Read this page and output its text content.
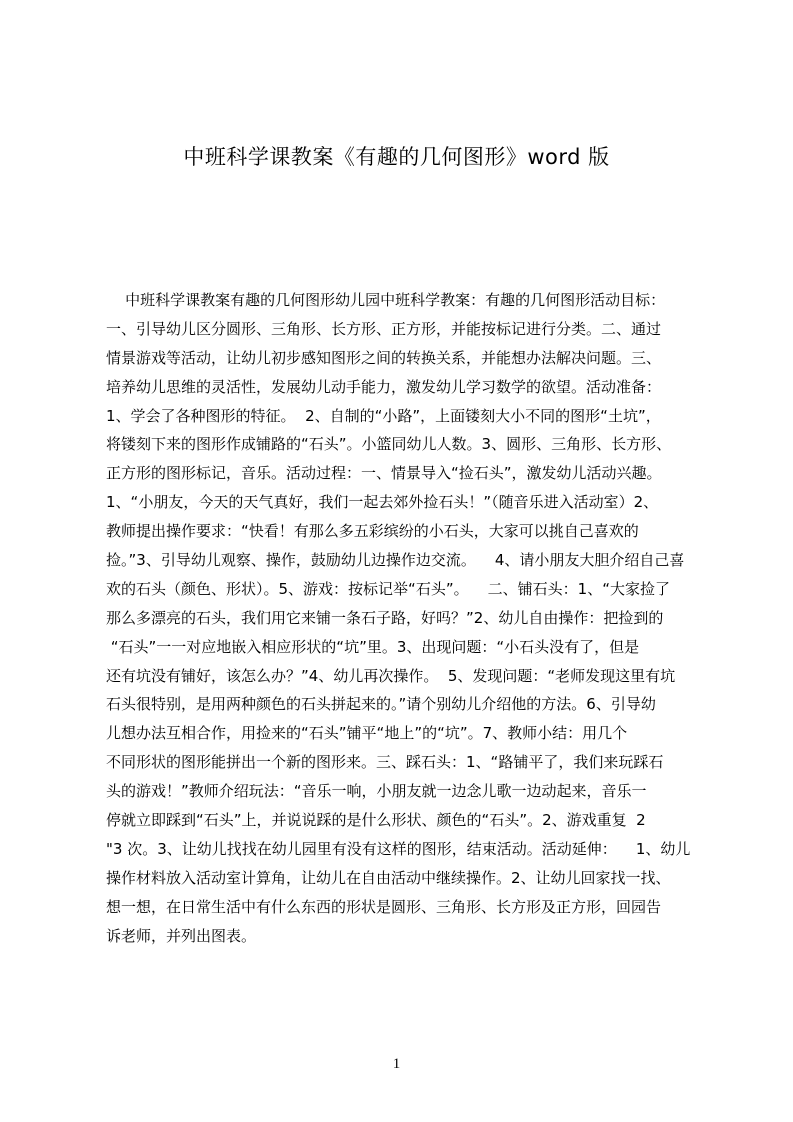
中班科学课教案《有趣的几何图形》word 版
中班科学课教案有趣的几何图形幼儿园中班科学教案：有趣的几何图形活动目标：
一、引导幼儿区分圆形、三角形、长方形、正方形，并能按标记进行分类。二、通过
情景游戏等活动，让幼儿初步感知图形之间的转换关系，并能想办法解决问题。三、
培养幼儿思维的灵活性，发展幼儿动手能力，激发幼儿学习数学的欲望。活动准备：
1、学会了各种图形的特征。  2、自制的“小路”，上面镂刻大小不同的图形“土坑”，
将镂刻下来的图形作成铺路的“石头”。小篮同幼儿人数。3、圆形、三角形、长方形、
正方形的图形标记，音乐。活动过程：一、情景导入“捡石头”，激发幼儿活动兴趣。
1、“小朋友，今天的天气真好，我们一起去郊外捡石头！”（随音乐进入活动室）2、
教师提出操作要求：“快看！有那么多五彩缤纷的小石头，大家可以挑自己喜欢的
捡。”3、引导幼儿观察、操作，鼓励幼儿边操作边交流。    4、请小朋友大胆介绍自己喜
欢的石头（颜色、形状）。5、游戏：按标记举“石头”。    二、铺石头：1、“大家捡了
那么多漂亮的石头，我们用它来铺一条石子路，好吗？”2、幼儿自由操作：把捡到的
“石头”一一对应地嵌入相应形状的“坑”里。3、出现问题：“小石头没有了，但是
还有坑没有铺好，该怎么办？”4、幼儿再次操作。  5、发现问题：“老师发现这里有坑
石头很特别，是用两种颜色的石头拼起来的。”请个别幼儿介绍他的方法。6、引导幼
儿想办法互相合作，用捡来的“石头”铺平“地上”的“坑”。7、教师小结：用几个
不同形状的图形能拼出一个新的图形来。三、踩石头：1、“路铺平了，我们来玩踩石
头的游戏！”教师介绍玩法：“音乐一响，小朋友就一边念儿歌一边动起来，音乐一
停就立即踩到“石头”上，并说说踩的是什么形状、颜色的“石头”。2、游戏重复  2
"3 次。3、让幼儿找找在幼儿园里有没有这样的图形，结束活动。活动延伸：    1、幼儿
操作材料放入活动室计算角，让幼儿在自由活动中继续操作。2、让幼儿回家找一找、
想一想，在日常生活中有什么东西的形状是圆形、三角形、长方形及正方形，回园告
诉老师，并列出图表。
1
